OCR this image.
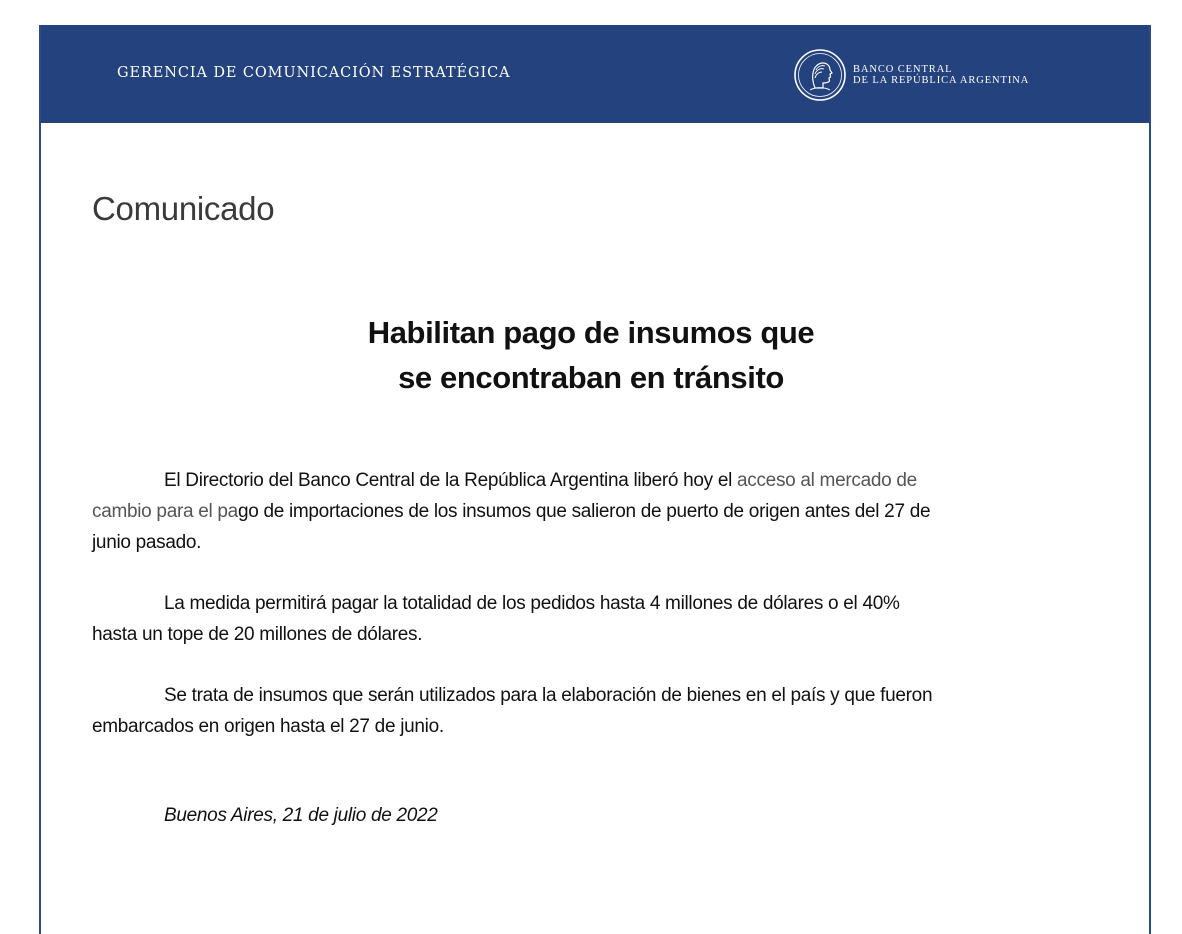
GERENCIA DE COMUNICACIÓN ESTRATÉGICA	BANCO CENTRAL
DE LA REPÚBLICA ARGENTINA
Comunicado
Habilitan pago de insumos que
se encontraban en tránsito
El Directorio del Banco Central de la República Argentina liberó hoy el acceso al mercado de
cambio para el pago de importaciones de los insumos que salieron de puerto de origen antes del 27 de
junio pasado.
La medida permitirá pagar la totalidad de los pedidos hasta 4 millones de dólares o el 40%
hasta un tope de 20 millones de dólares.
Se trata de insumos que serán utilizados para la elaboración de bienes en el país y que fueron
embarcados en origen hasta el 27 de junio.
Buenos Aires, 21 de julio de 2022
